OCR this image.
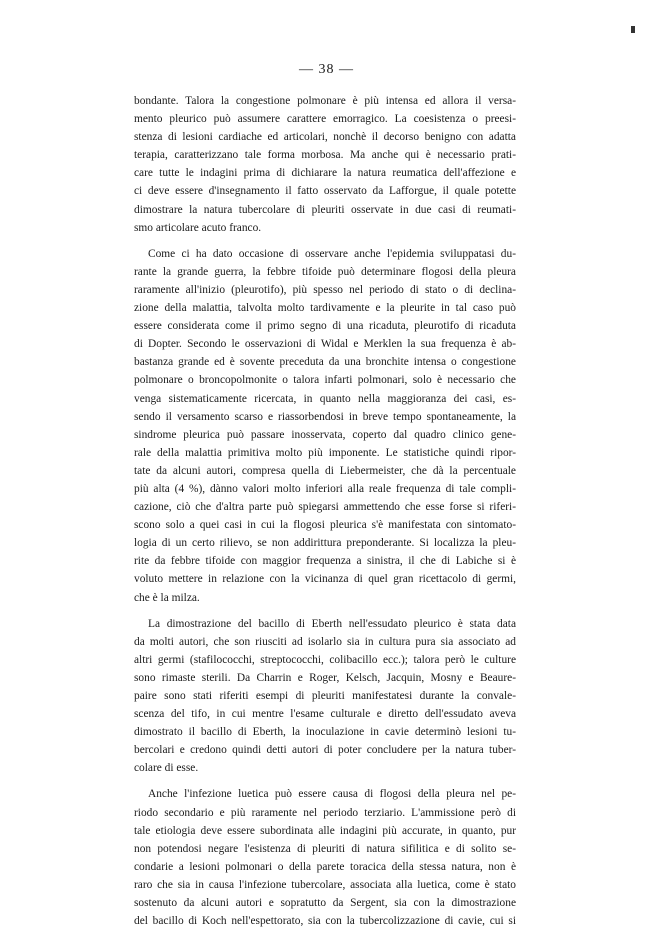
— 38 —
bondante. Talora la congestione polmonare è più intensa ed allora il versa-
mento pleurico può assumere carattere emorragico. La coesistenza o preesi-
stenza di lesioni cardiache ed articolari, nonchè il decorso benigno con adatta
terapia, caratterizzano tale forma morbosa. Ma anche qui è necessario prati-
care tutte le indagini prima di dichiarare la natura reumatica dell'affezione e
ci deve essere d'insegnamento il fatto osservato da Lafforgue, il quale potette
dimostrare la natura tubercolare di pleuriti osservate in due casi di reumati-
smo articolare acuto franco.
Come ci ha dato occasione di osservare anche l'epidemia sviluppatasi du-
rante la grande guerra, la febbre tifoide può determinare flogosi della pleura
raramente all'inizio (pleurotifo), più spesso nel periodo di stato o di declina-
zione della malattia, talvolta molto tardivamente e la pleurite in tal caso può
essere considerata come il primo segno di una ricaduta, pleurotifo di ricaduta
di Dopter. Secondo le osservazioni di Widal e Merklen la sua frequenza è ab-
bastanza grande ed è sovente preceduta da una bronchite intensa o congestione
polmonare o broncopolmonite o talora infarti polmonari, solo è necessario che
venga sistematicamente ricercata, in quanto nella maggioranza dei casi, es-
sendo il versamento scarso e riassorbendosi in breve tempo spontaneamente, la
sindrome pleurica può passare inosservata, coperto dal quadro clinico gene-
rale della malattia primitiva molto più imponente. Le statistiche quindi ripor-
tate da alcuni autori, compresa quella di Liebermeister, che dà la percentuale
più alta (4 %), dànno valori molto inferiori alla reale frequenza di tale compli-
cazione, ciò che d'altra parte può spiegarsi ammettendo che esse forse si riferi-
scono solo a quei casi in cui la flogosi pleurica s'è manifestata con sintomato-
logia di un certo rilievo, se non addirittura preponderante. Si localizza la pleu-
rite da febbre tifoide con maggior frequenza a sinistra, il che di Labiche si è
voluto mettere in relazione con la vicinanza di quel gran ricettacolo di germi,
che è la milza.
La dimostrazione del bacillo di Eberth nell'essudato pleurico è stata data
da molti autori, che son riusciti ad isolarlo sia in cultura pura sia associato ad
altri germi (stafilococchi, streptococchi, colibacillo ecc.); talora però le culture
sono rimaste sterili. Da Charrin e Roger, Kelsch, Jacquin, Mosny e Beaure-
paire sono stati riferiti esempi di pleuriti manifestatesi durante la convale-
scenza del tifo, in cui mentre l'esame culturale e diretto dell'essudato aveva
dimostrato il bacillo di Eberth, la inoculazione in cavie determinò lesioni tu-
bercolari e credono quindi detti autori di poter concludere per la natura tuber-
colare di esse.
Anche l'infezione luetica può essere causa di flogosi della pleura nel pe-
riodo secondario e più raramente nel periodo terziario. L'ammissione però di
tale etiologia deve essere subordinata alle indagini più accurate, in quanto, pur
non potendosi negare l'esistenza di pleuriti di natura sifilitica e di solito se-
condarie a lesioni polmonari o della parete toracica della stessa natura, non è
raro che sia in causa l'infezione tubercolare, associata alla luetica, come è stato
sostenuto da alcuni autori e sopratutto da Sergent, sia con la dimostrazione
del bacillo di Koch nell'espettorato, sia con la tubercolizzazione di cavie, cui si
